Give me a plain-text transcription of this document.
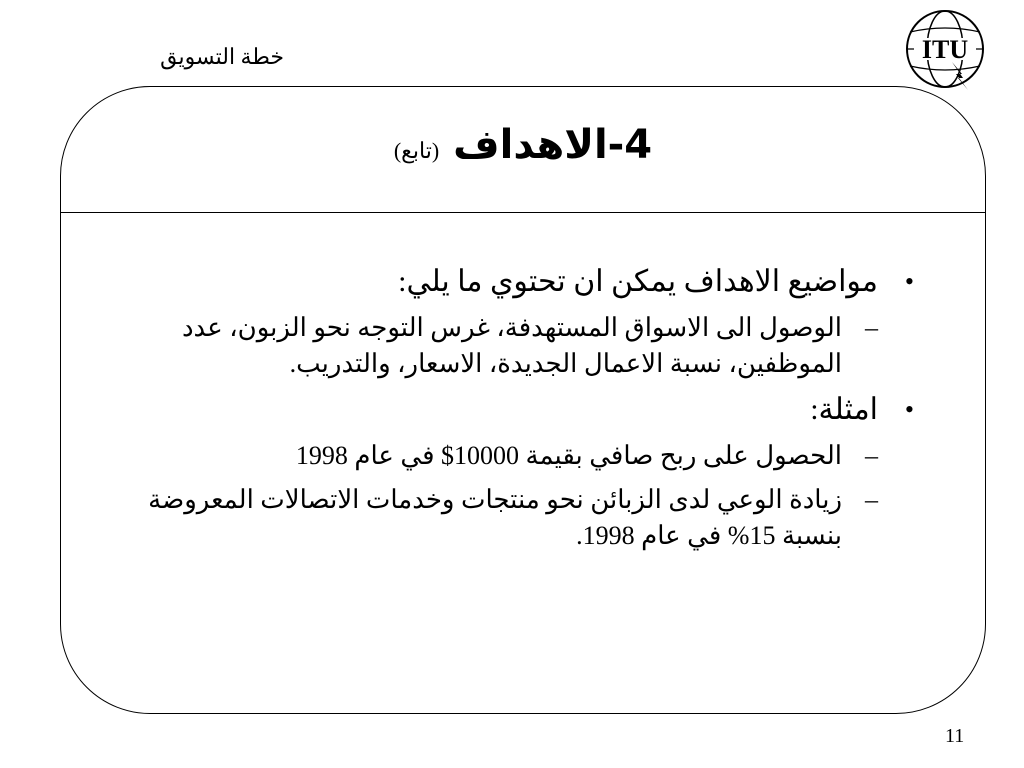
خطة التسويق	ITU
4-الاهداف (تابع)
•
مواضيع الاهداف يمكن ان تحتوي ما يلي:
–
الوصول الى الاسواق المستهدفة، غرس التوجه نحو الزبون، عدد الموظفين، نسبة الاعمال الجديدة، الاسعار، والتدريب.
•
امثلة:
–
الحصول على ربح صافي بقيمة 10000$ في عام 1998
–
زيادة الوعي لدى الزبائن نحو منتجات وخدمات الاتصالات المعروضة بنسبة 15% في عام 1998.
11
